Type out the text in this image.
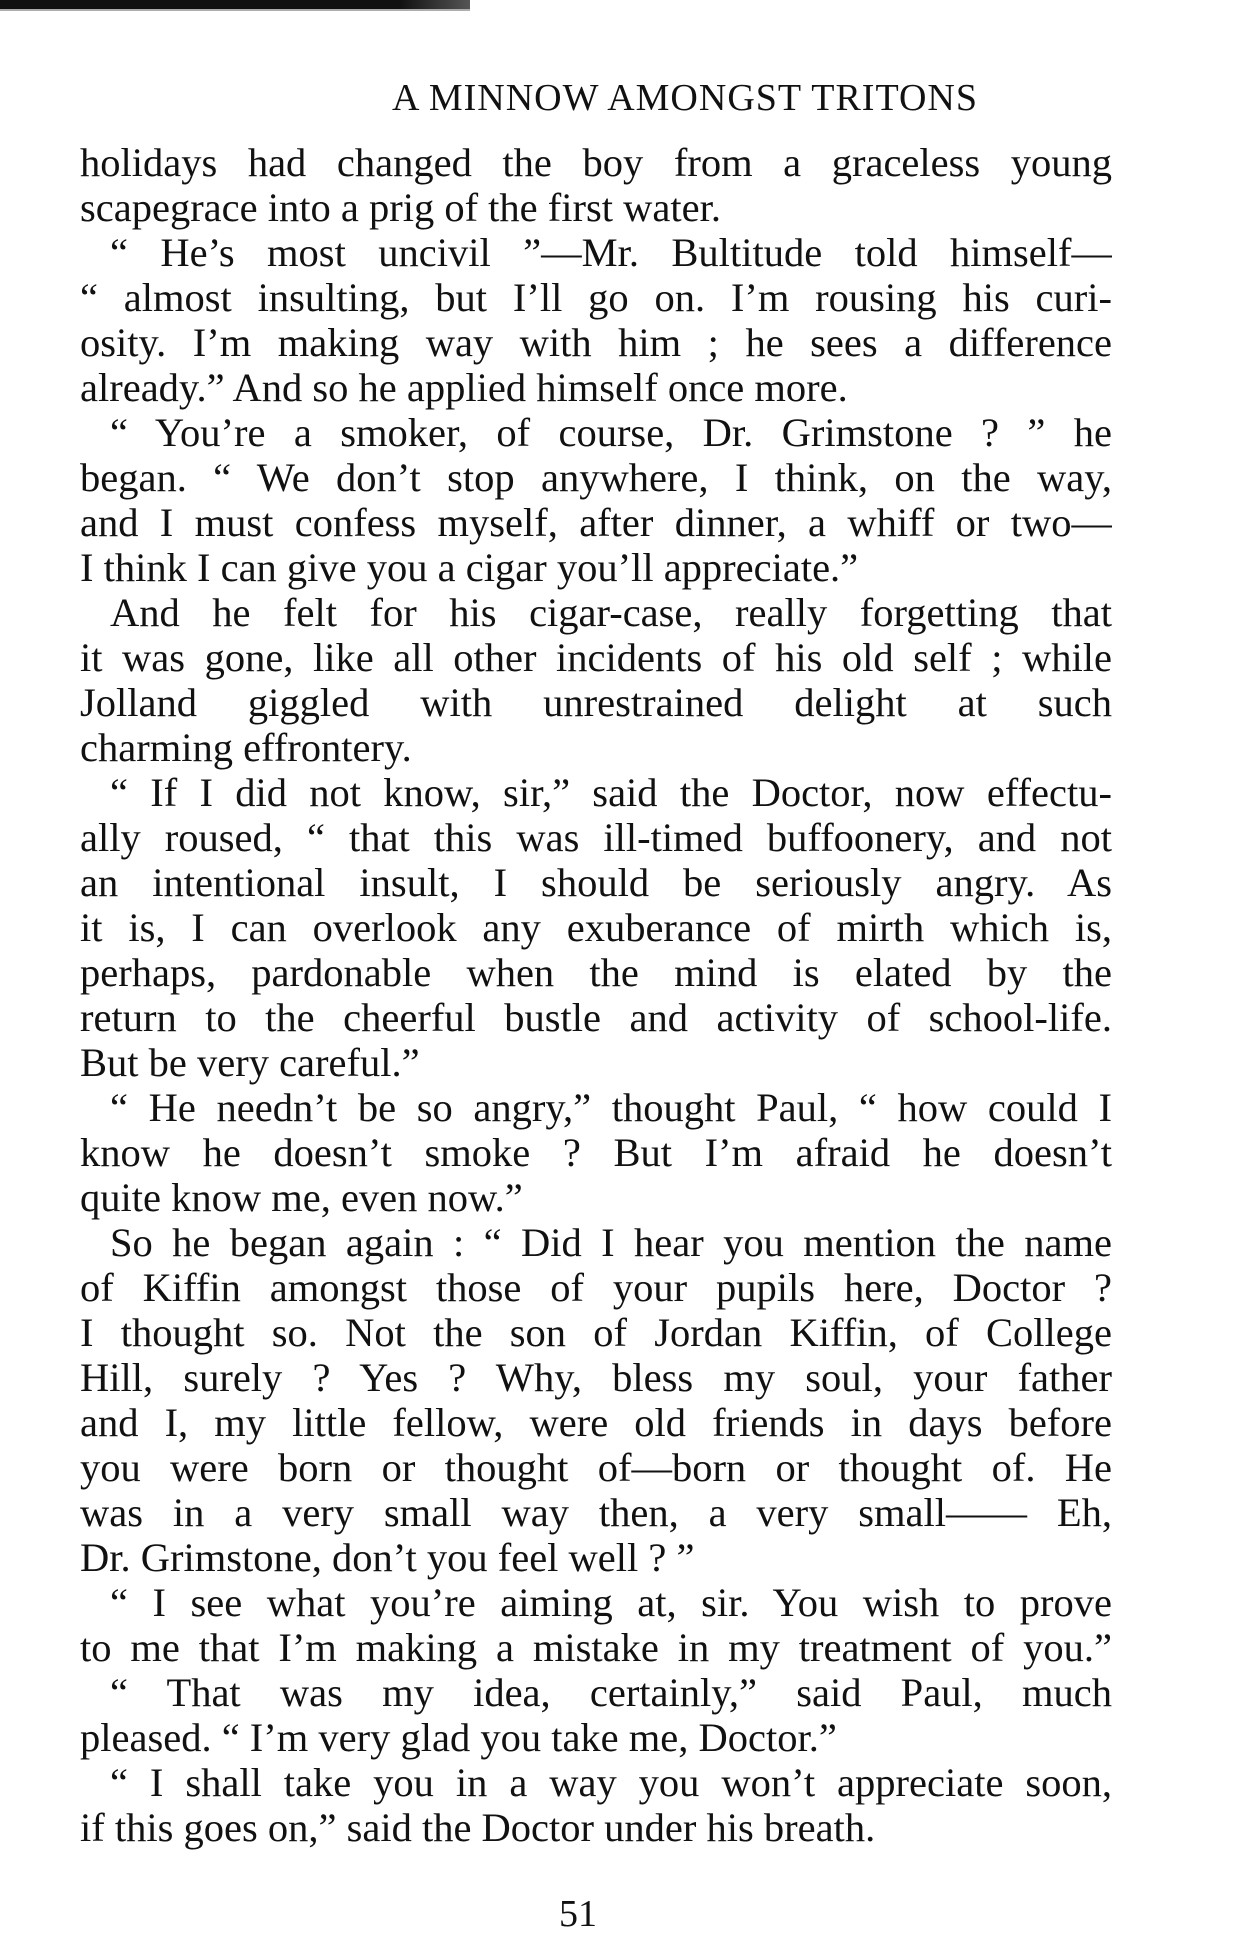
A MINNOW AMONGST TRITONS
holidays had changed the boy from a graceless young
scapegrace into a prig of the first water.
“ He’s most uncivil ”—Mr. Bultitude told himself—
“ almost insulting, but I’ll go on. I’m rousing his curi-
osity. I’m making way with him ; he sees a difference
already.” And so he applied himself once more.
“ You’re a smoker, of course, Dr. Grimstone ? ” he
began. “ We don’t stop anywhere, I think, on the way,
and I must confess myself, after dinner, a whiff or two—
I think I can give you a cigar you’ll appreciate.”
And he felt for his cigar-case, really forgetting that
it was gone, like all other incidents of his old self ; while
Jolland giggled with unrestrained delight at such
charming effrontery.
“ If I did not know, sir,” said the Doctor, now effectu-
ally roused, “ that this was ill-timed buffoonery, and not
an intentional insult, I should be seriously angry. As
it is, I can overlook any exuberance of mirth which is,
perhaps, pardonable when the mind is elated by the
return to the cheerful bustle and activity of school-life.
But be very careful.”
“ He needn’t be so angry,” thought Paul, “ how could I
know he doesn’t smoke ? But I’m afraid he doesn’t
quite know me, even now.”
So he began again : “ Did I hear you mention the name
of Kiffin amongst those of your pupils here, Doctor ?
I thought so. Not the son of Jordan Kiffin, of College
Hill, surely ? Yes ? Why, bless my soul, your father
and I, my little fellow, were old friends in days before
you were born or thought of—born or thought of. He
was in a very small way then, a very small—— Eh,
Dr. Grimstone, don’t you feel well ? ”
“ I see what you’re aiming at, sir. You wish to prove
to me that I’m making a mistake in my treatment of you.”
“ That was my idea, certainly,” said Paul, much
pleased. “ I’m very glad you take me, Doctor.”
“ I shall take you in a way you won’t appreciate soon,
if this goes on,” said the Doctor under his breath.
51
